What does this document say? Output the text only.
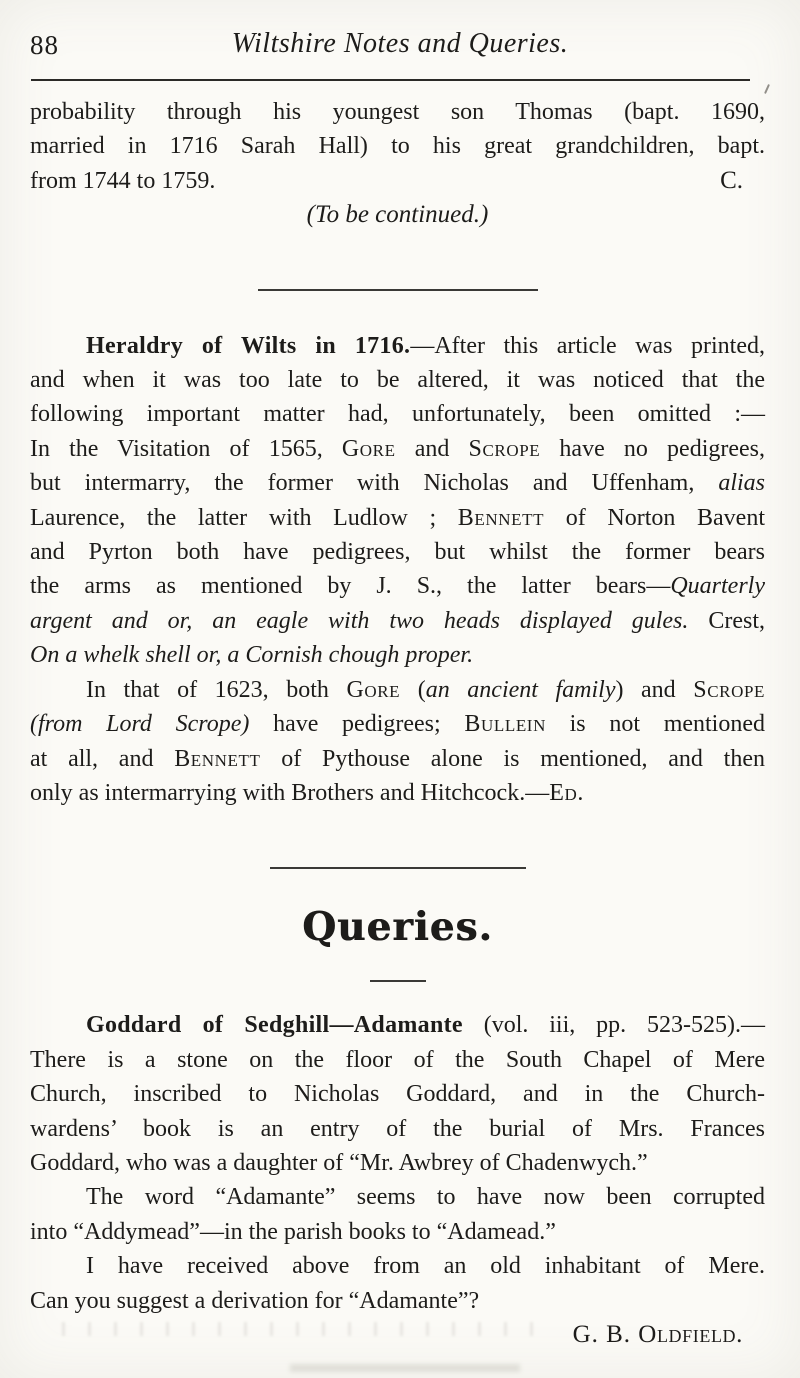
88	Wiltshire Notes and Queries.
probability through his youngest son Thomas (bapt. 1690,
married in 1716 Sarah Hall) to his great grandchildren, bapt.
from 1744 to 1759.	C.
(To be continued.)
Heraldry of Wilts in 1716.—After this article was printed,
and when it was too late to be altered, it was noticed that the
following important matter had, unfortunately, been omitted :—
In the Visitation of 1565, Gore and Scrope have no pedigrees,
but intermarry, the former with Nicholas and Uffenham, alias
Laurence, the latter with Ludlow ; Bennett of Norton Bavent
and Pyrton both have pedigrees, but whilst the former bears
the arms as mentioned by J. S., the latter bears—Quarterly
argent and or, an eagle with two heads displayed gules. Crest,
On a whelk shell or, a Cornish chough proper.
In that of 1623, both Gore (an ancient family) and Scrope
(from Lord Scrope) have pedigrees; Bullein is not mentioned
at all, and Bennett of Pythouse alone is mentioned, and then
only as intermarrying with Brothers and Hitchcock.—Ed.
Queries.
Goddard of Sedghill—Adamante (vol. iii, pp. 523-525).—
There is a stone on the floor of the South Chapel of Mere
Church, inscribed to Nicholas Goddard, and in the Church-
wardens’ book is an entry of the burial of Mrs. Frances
Goddard, who was a daughter of “Mr. Awbrey of Chadenwych.”
The word “Adamante” seems to have now been corrupted
into “Addymead”—in the parish books to “Adamead.”
I have received above from an old inhabitant of Mere.
Can you suggest a derivation for “Adamante”?
G. B. Oldfield.
